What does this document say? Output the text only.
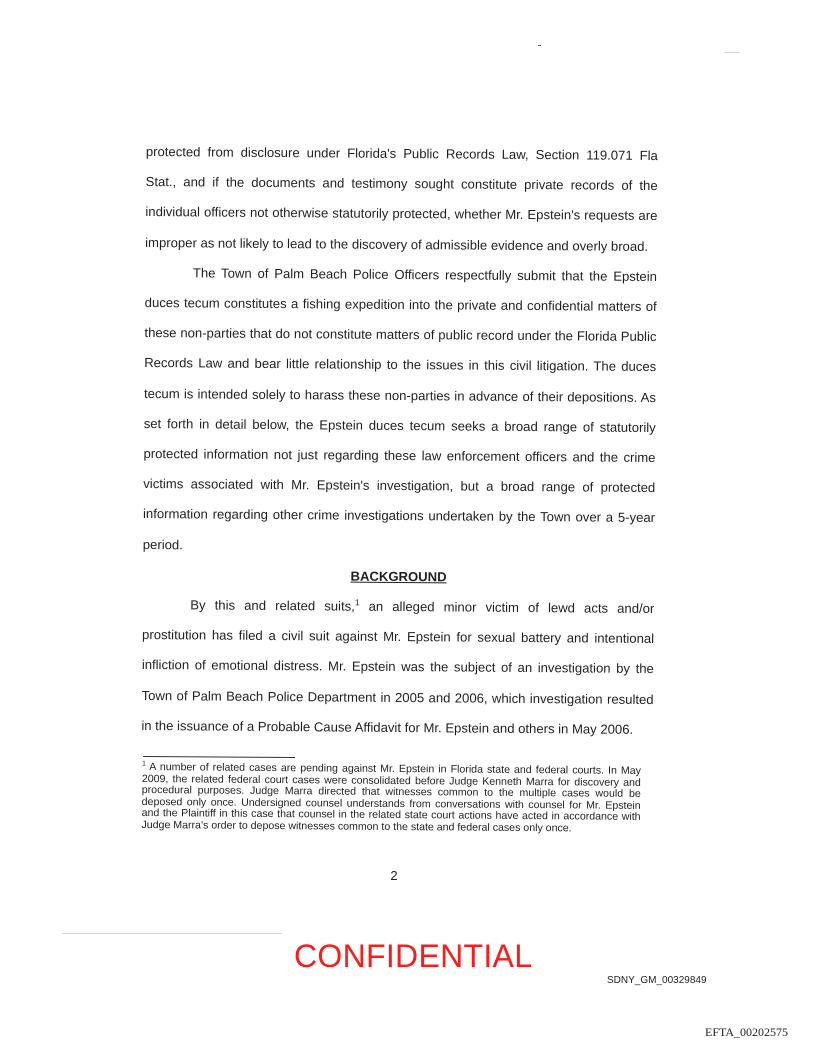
protected from disclosure under Florida's Public Records Law, Section 119.071 Fla Stat., and if the documents and testimony sought constitute private records of the individual officers not otherwise statutorily protected, whether Mr. Epstein's requests are improper as not likely to lead to the discovery of admissible evidence and overly broad.

The Town of Palm Beach Police Officers respectfully submit that the Epstein duces tecum constitutes a fishing expedition into the private and confidential matters of these non-parties that do not constitute matters of public record under the Florida Public Records Law and bear little relationship to the issues in this civil litigation. The duces tecum is intended solely to harass these non-parties in advance of their depositions. As set forth in detail below, the Epstein duces tecum seeks a broad range of statutorily protected information not just regarding these law enforcement officers and the crime victims associated with Mr. Epstein's investigation, but a broad range of protected information regarding other crime investigations undertaken by the Town over a 5-year period.

BACKGROUND

By this and related suits,$^1$ an alleged minor victim of lewd acts and/or prostitution has filed a civil suit against Mr. Epstein for sexual battery and intentional infliction of emotional distress. Mr. Epstein was the subject of an investigation by the Town of Palm Beach Police Department in 2005 and 2006, which investigation resulted in the issuance of a Probable Cause Affidavit for Mr. Epstein and others in May 2006.

$^1$ A number of related cases are pending against Mr. Epstein in Florida state and federal courts. In May 2009, the related federal court cases were consolidated before Judge Kenneth Marra for discovery and procedural purposes. Judge Marra directed that witnesses common to the multiple cases would be deposed only once. Undersigned counsel understands from conversations with counsel for Mr. Epstein and the Plaintiff in this case that counsel in the related state court actions have acted in accordance with Judge Marra's order to depose witnesses common to the state and federal cases only once.

2
CONFIDENTIAL
SDNY_GM_00329849
EFTA_00202575
